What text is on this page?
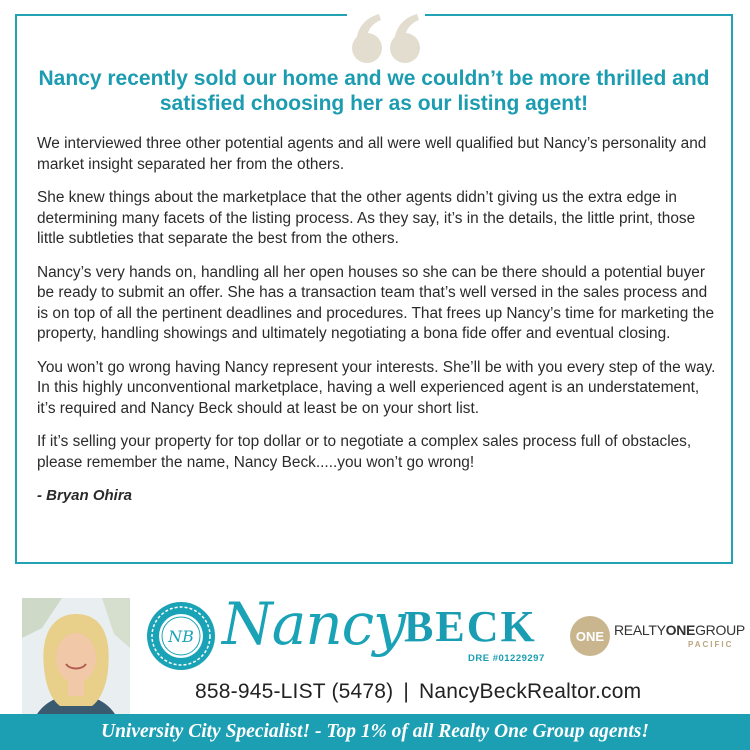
Nancy recently sold our home and we couldn’t be more thrilled and satisfied choosing her as our listing agent!

We interviewed three other potential agents and all were well qualified but Nancy’s personality and market insight separated her from the others.

She knew things about the marketplace that the other agents didn’t giving us the extra edge in determining many facets of the listing process. As they say, it’s in the details, the little print, those little subtleties that separate the best from the others.

Nancy’s very hands on, handling all her open houses so she can be there should a potential buyer be ready to submit an offer. She has a transaction team that’s well versed in the sales process and is on top of all the pertinent deadlines and procedures. That frees up Nancy’s time for marketing the property, handling showings and ultimately negotiating a bona fide offer and eventual closing.

You won’t go wrong having Nancy represent your interests. She’ll be with you every step of the way. In this highly unconventional marketplace, having a well experienced agent is an understatement, it’s required and Nancy Beck should at least be on your short list.

If it’s selling your property for top dollar or to negotiate a complex sales process full of obstacles, please remember the name, Nancy Beck.....you won’t go wrong!

- Bryan Ohira
NB Nancy BECK
DRE #01229297
ONE REALTYONEGROUP
PACIFIC
858-945-LIST (5478) | NancyBeckRealtor.com
University City Specialist! - Top 1% of all Realty One Group agents!
